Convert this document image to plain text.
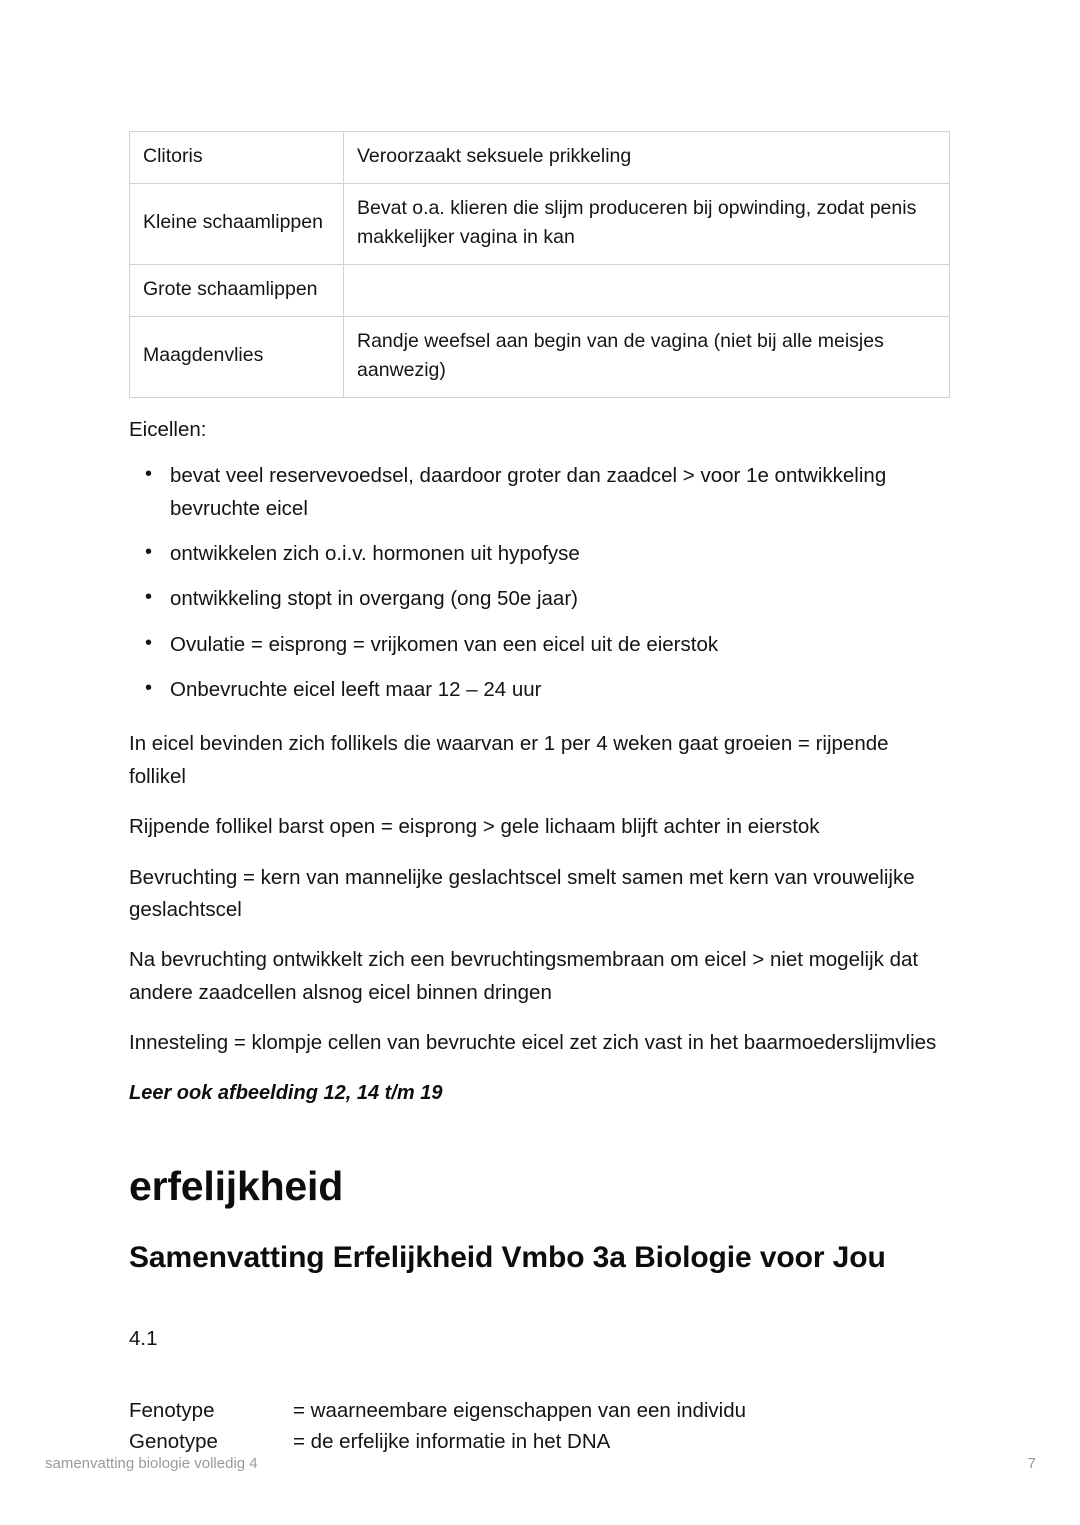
Clitoris	Veroorzaakt seksuele prikkeling
Kleine schaamlippen	Bevat o.a. klieren die slijm produceren bij opwinding, zodat penis makkelijker vagina in kan
Grote schaamlippen	
Maagdenvlies	Randje weefsel aan begin van de vagina (niet bij alle meisjes aanwezig)

Eicellen:

• bevat veel reservevoedsel, daardoor groter dan zaadcel > voor 1e ontwikkeling bevruchte eicel
• ontwikkelen zich o.i.v. hormonen uit hypofyse
• ontwikkeling stopt in overgang (ong 50e jaar)
• Ovulatie = eisprong = vrijkomen van een eicel uit de eierstok
• Onbevruchte eicel leeft maar 12 – 24 uur

In eicel bevinden zich follikels die waarvan er 1 per 4 weken gaat groeien = rijpende follikel

Rijpende follikel barst open = eisprong > gele lichaam blijft achter in eierstok

Bevruchting = kern van mannelijke geslachtscel smelt samen met kern van vrouwelijke geslachtscel

Na bevruchting ontwikkelt zich een bevruchtingsmembraan om eicel > niet mogelijk dat andere zaadcellen alsnog eicel binnen dringen

Innesteling = klompje cellen van bevruchte eicel zet zich vast in het baarmoederslijmvlies

Leer ook afbeelding 12, 14 t/m 19

erfelijkheid
Samenvatting Erfelijkheid Vmbo 3a Biologie voor Jou

4.1

Fenotype	= waarneembare eigenschappen van een individu
Genotype	= de erfelijke informatie in het DNA
samenvatting biologie volledig 4	7
